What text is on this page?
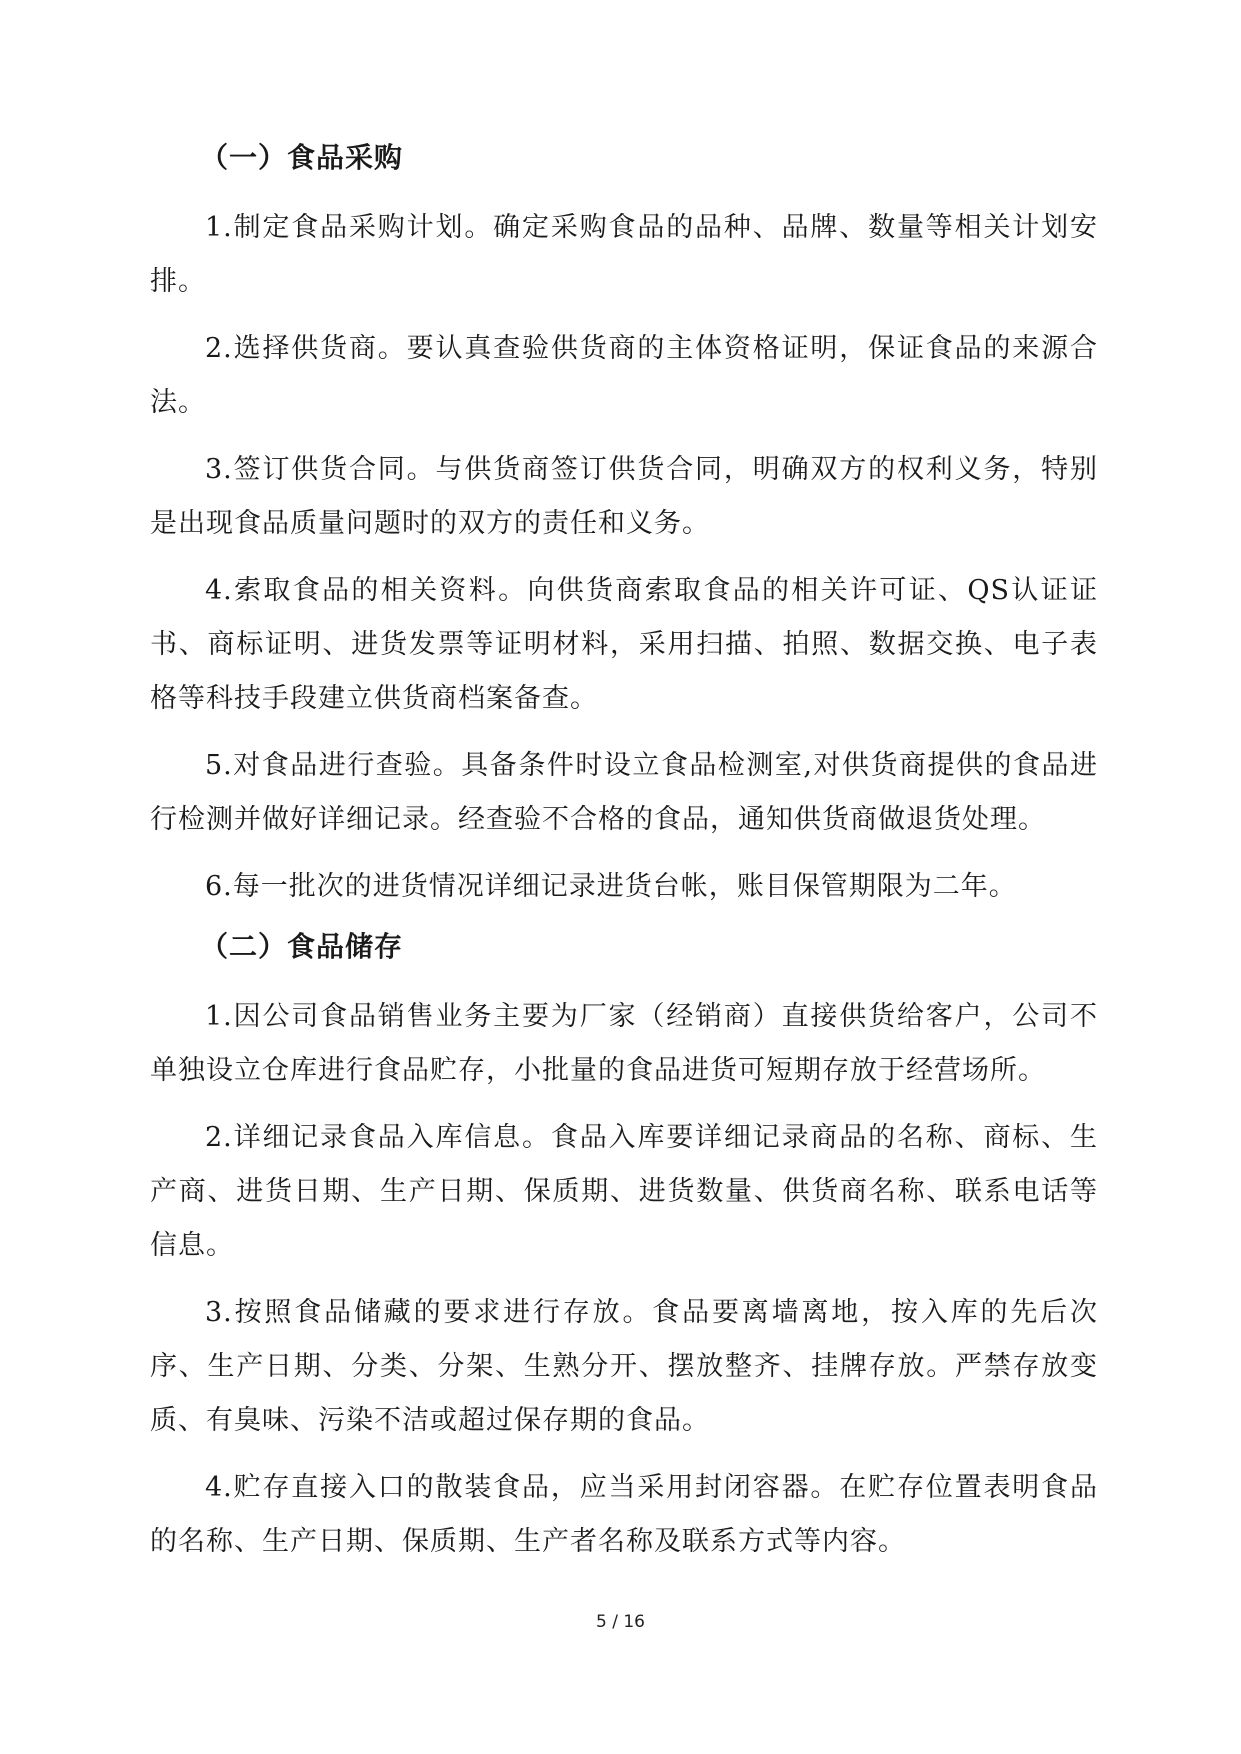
（一）食品采购

1.制定食品采购计划。确定采购食品的品种、品牌、数量等相关计划安排。

2.选择供货商。要认真查验供货商的主体资格证明，保证食品的来源合法。

3.签订供货合同。与供货商签订供货合同，明确双方的权利义务，特别是出现食品质量问题时的双方的责任和义务。

4.索取食品的相关资料。向供货商索取食品的相关许可证、QS认证证书、商标证明、进货发票等证明材料，采用扫描、拍照、数据交换、电子表格等科技手段建立供货商档案备查。

5.对食品进行查验。具备条件时设立食品检测室,对供货商提供的食品进行检测并做好详细记录。经查验不合格的食品，通知供货商做退货处理。

6.每一批次的进货情况详细记录进货台帐，账目保管期限为二年。

（二）食品储存

1.因公司食品销售业务主要为厂家（经销商）直接供货给客户，公司不单独设立仓库进行食品贮存，小批量的食品进货可短期存放于经营场所。

2.详细记录食品入库信息。食品入库要详细记录商品的名称、商标、生产商、进货日期、生产日期、保质期、进货数量、供货商名称、联系电话等信息。

3.按照食品储藏的要求进行存放。食品要离墙离地，按入库的先后次序、生产日期、分类、分架、生熟分开、摆放整齐、挂牌存放。严禁存放变质、有臭味、污染不洁或超过保存期的食品。

4.贮存直接入口的散装食品，应当采用封闭容器。在贮存位置表明食品的名称、生产日期、保质期、生产者名称及联系方式等内容。

5 / 16
